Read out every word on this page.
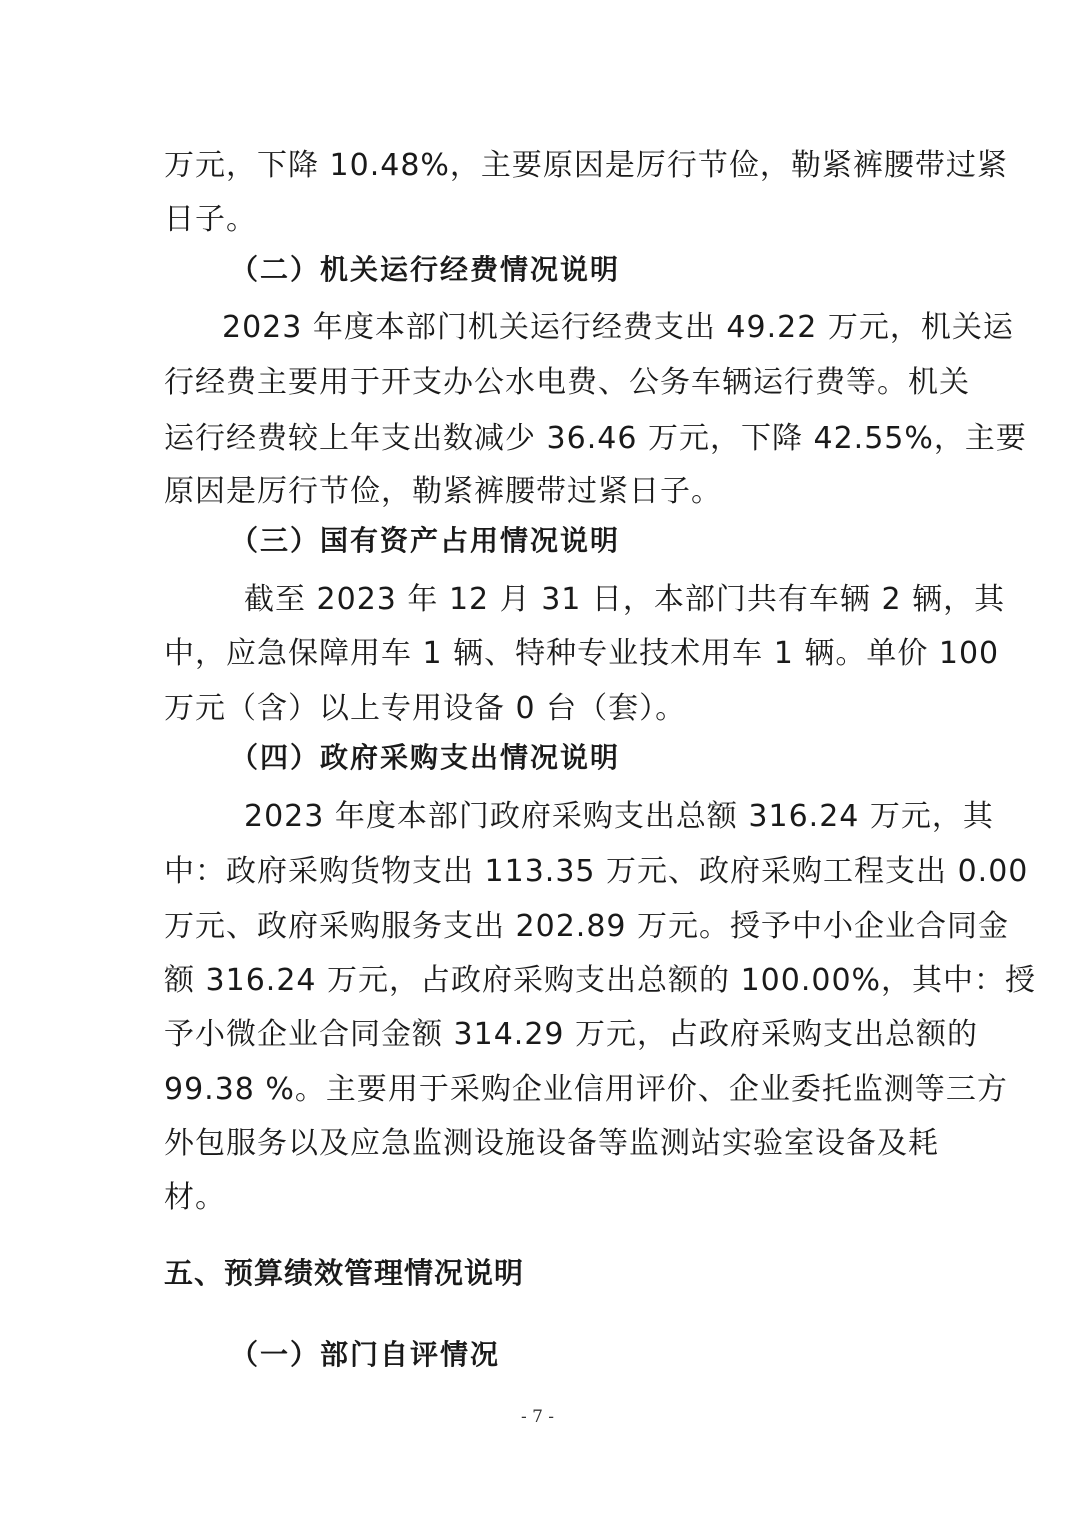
万元，下降 10.48%，主要原因是厉行节俭，勒紧裤腰带过紧
日子。
（二）机关运行经费情况说明
2023 年度本部门机关运行经费支出 49.22 万元，机关运
行经费主要用于开支办公水电费、公务车辆运行费等。机关
运行经费较上年支出数减少 36.46 万元，下降 42.55%，主要
原因是厉行节俭，勒紧裤腰带过紧日子。
（三）国有资产占用情况说明
截至 2023 年 12 月 31 日，本部门共有车辆 2 辆，其
中，应急保障用车 1 辆、特种专业技术用车 1 辆。单价 100
万元（含）以上专用设备 0 台（套）。
（四）政府采购支出情况说明
2023 年度本部门政府采购支出总额 316.24 万元，其
中：政府采购货物支出 113.35 万元、政府采购工程支出 0.00
万元、政府采购服务支出 202.89 万元。授予中小企业合同金
额 316.24 万元，占政府采购支出总额的 100.00%，其中：授
予小微企业合同金额 314.29 万元，占政府采购支出总额的
99.38 %。主要用于采购企业信用评价、企业委托监测等三方
外包服务以及应急监测设施设备等监测站实验室设备及耗
材。
五、预算绩效管理情况说明
（一）部门自评情况
- 7 -
